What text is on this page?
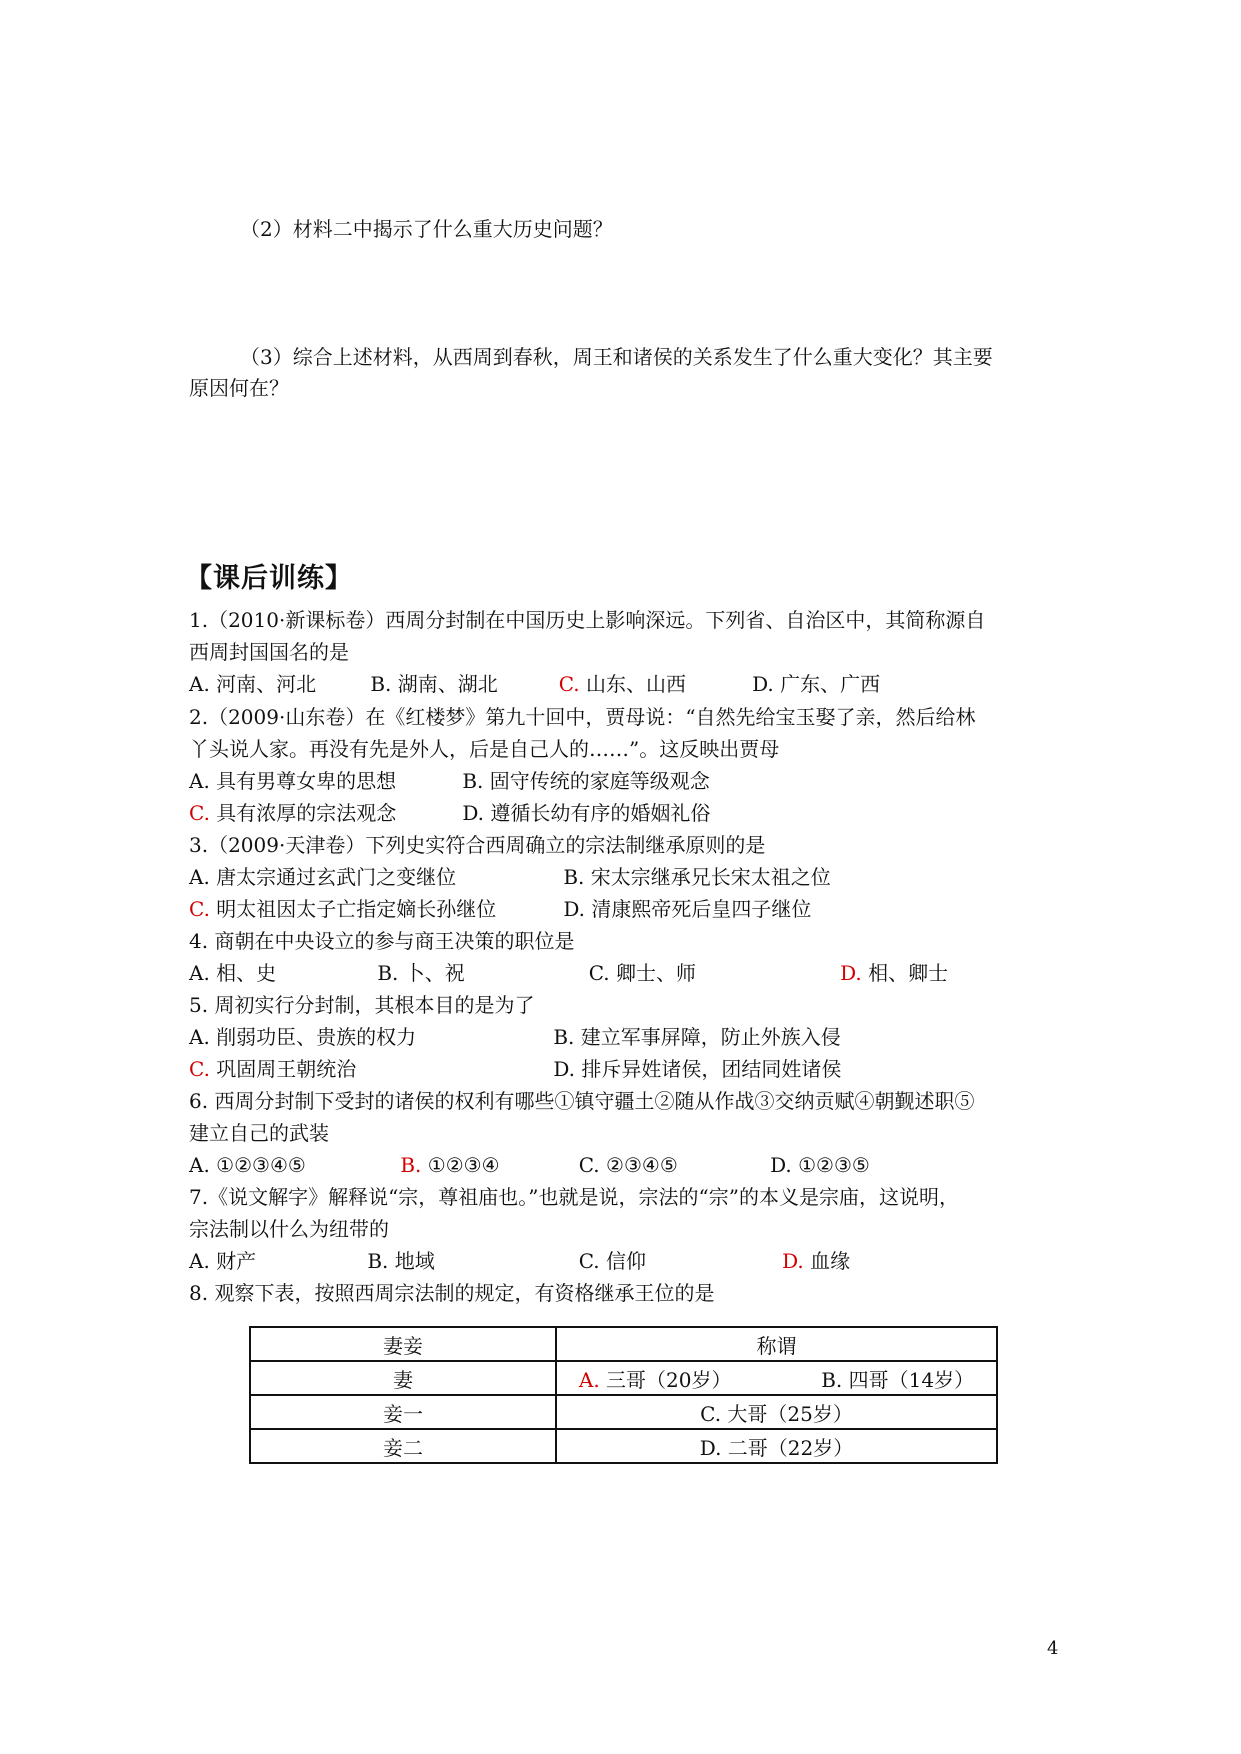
（2）材料二中揭示了什么重大历史问题？
（3）综合上述材料，从西周到春秋，周王和诸侯的关系发生了什么重大变化？其主要
原因何在？
【课后训练】
1.（2010·新课标卷）西周分封制在中国历史上影响深远。下列省、自治区中，其简称源自
西周封国国名的是
A. 河南、河北	B. 湖南、湖北	C. 山东、山西	D. 广东、广西
2.（2009·山东卷）在《红楼梦》第九十回中，贾母说：“自然先给宝玉娶了亲，然后给林
丫头说人家。再没有先是外人，后是自己人的……”。这反映出贾母
A. 具有男尊女卑的思想	B. 固守传统的家庭等级观念
C. 具有浓厚的宗法观念	D. 遵循长幼有序的婚姻礼俗
3.（2009·天津卷）下列史实符合西周确立的宗法制继承原则的是
A. 唐太宗通过玄武门之变继位	B. 宋太宗继承兄长宋太祖之位
C. 明太祖因太子亡指定嫡长孙继位	D. 清康熙帝死后皇四子继位
4. 商朝在中央设立的参与商王决策的职位是
A. 相、史	B. 卜、祝	C. 卿士、师	D. 相、卿士
5. 周初实行分封制，其根本目的是为了
A. 削弱功臣、贵族的权力	B. 建立军事屏障，防止外族入侵
C. 巩固周王朝统治	D. 排斥异姓诸侯，团结同姓诸侯
6. 西周分封制下受封的诸侯的权利有哪些①镇守疆土②随从作战③交纳贡赋④朝觐述职⑤
建立自己的武装
A. ①②③④⑤	B. ①②③④	C. ②③④⑤	D. ①②③⑤
7.《说文解字》解释说“宗，尊祖庙也。”也就是说，宗法的“宗”的本义是宗庙，这说明，
宗法制以什么为纽带的
A. 财产	B. 地域	C. 信仰	D. 血缘
8. 观察下表，按照西周宗法制的规定，有资格继承王位的是
妻妾	称谓
妻	A. 三哥（20岁） B. 四哥（14岁）
妾一	C. 大哥（25岁）
妾二	D. 二哥（22岁）
4
